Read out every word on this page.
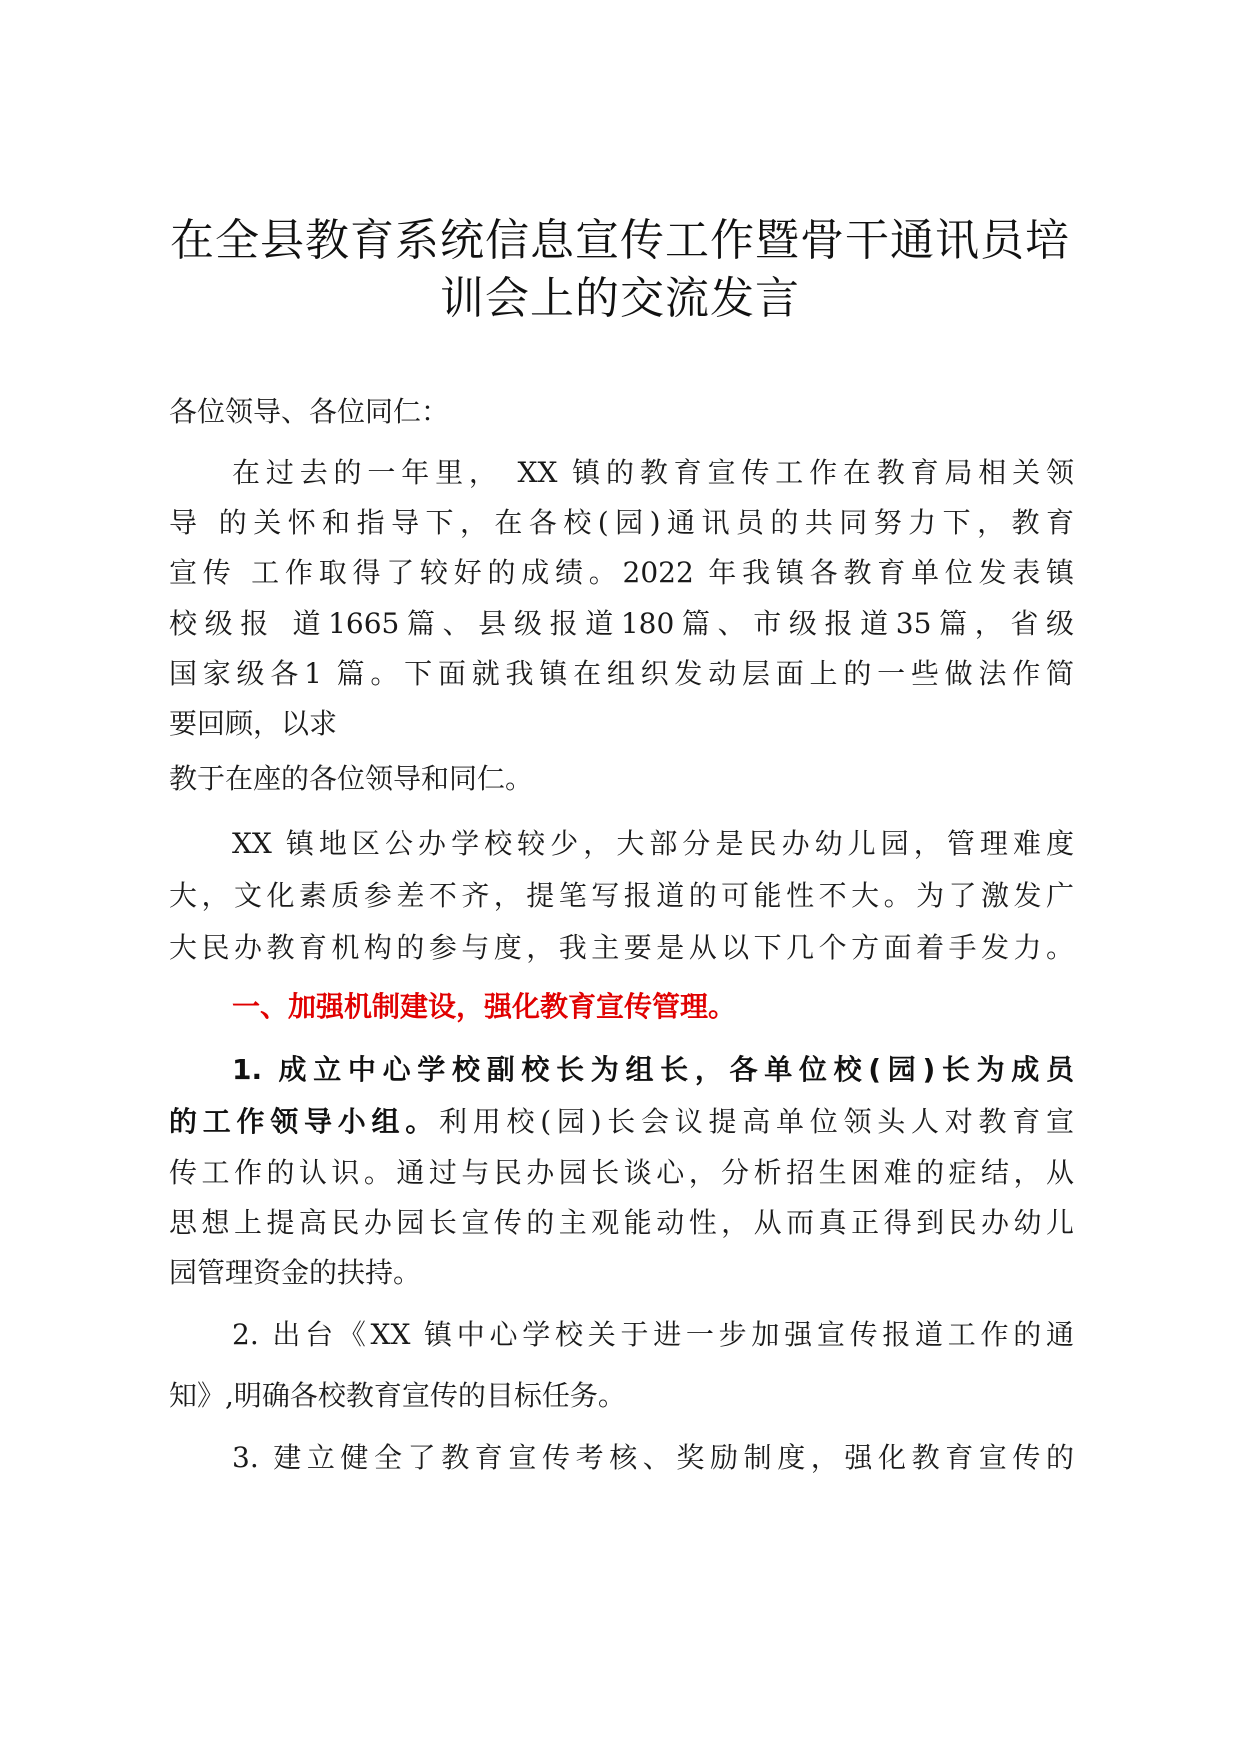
在全县教育系统信息宣传工作暨骨干通讯员培
训会上的交流发言
各位领导、各位同仁：
在过去的一年里， XX 镇的教育宣传工作在教育局相关领
导 的关怀和指导下，在各校(园)通讯员的共同努力下，教育
宣传 工作取得了较好的成绩。2022 年我镇各教育单位发表镇
校级报 道1665篇、县级报道180篇、市级报道35篇，省级
国家级各1 篇。下面就我镇在组织发动层面上的一些做法作简
要回顾，以求
教于在座的各位领导和同仁。
XX 镇地区公办学校较少，大部分是民办幼儿园，管理难度
大，文化素质参差不齐，提笔写报道的可能性不大。为了激发广
大民办教育机构的参与度，我主要是从以下几个方面着手发力。
一、加强机制建设，强化教育宣传管理。
1. 成立中心学校副校长为组长，各单位校(园)长为成员
的工作领导小组。利用校(园)长会议提高单位领头人对教育宣
传工作的认识。通过与民办园长谈心，分析招生困难的症结，从
思想上提高民办园长宣传的主观能动性，从而真正得到民办幼儿
园管理资金的扶持。
2. 出台《XX 镇中心学校关于进一步加强宣传报道工作的通
知》,明确各校教育宣传的目标任务。
3. 建立健全了教育宣传考核、奖励制度，强化教育宣传的
